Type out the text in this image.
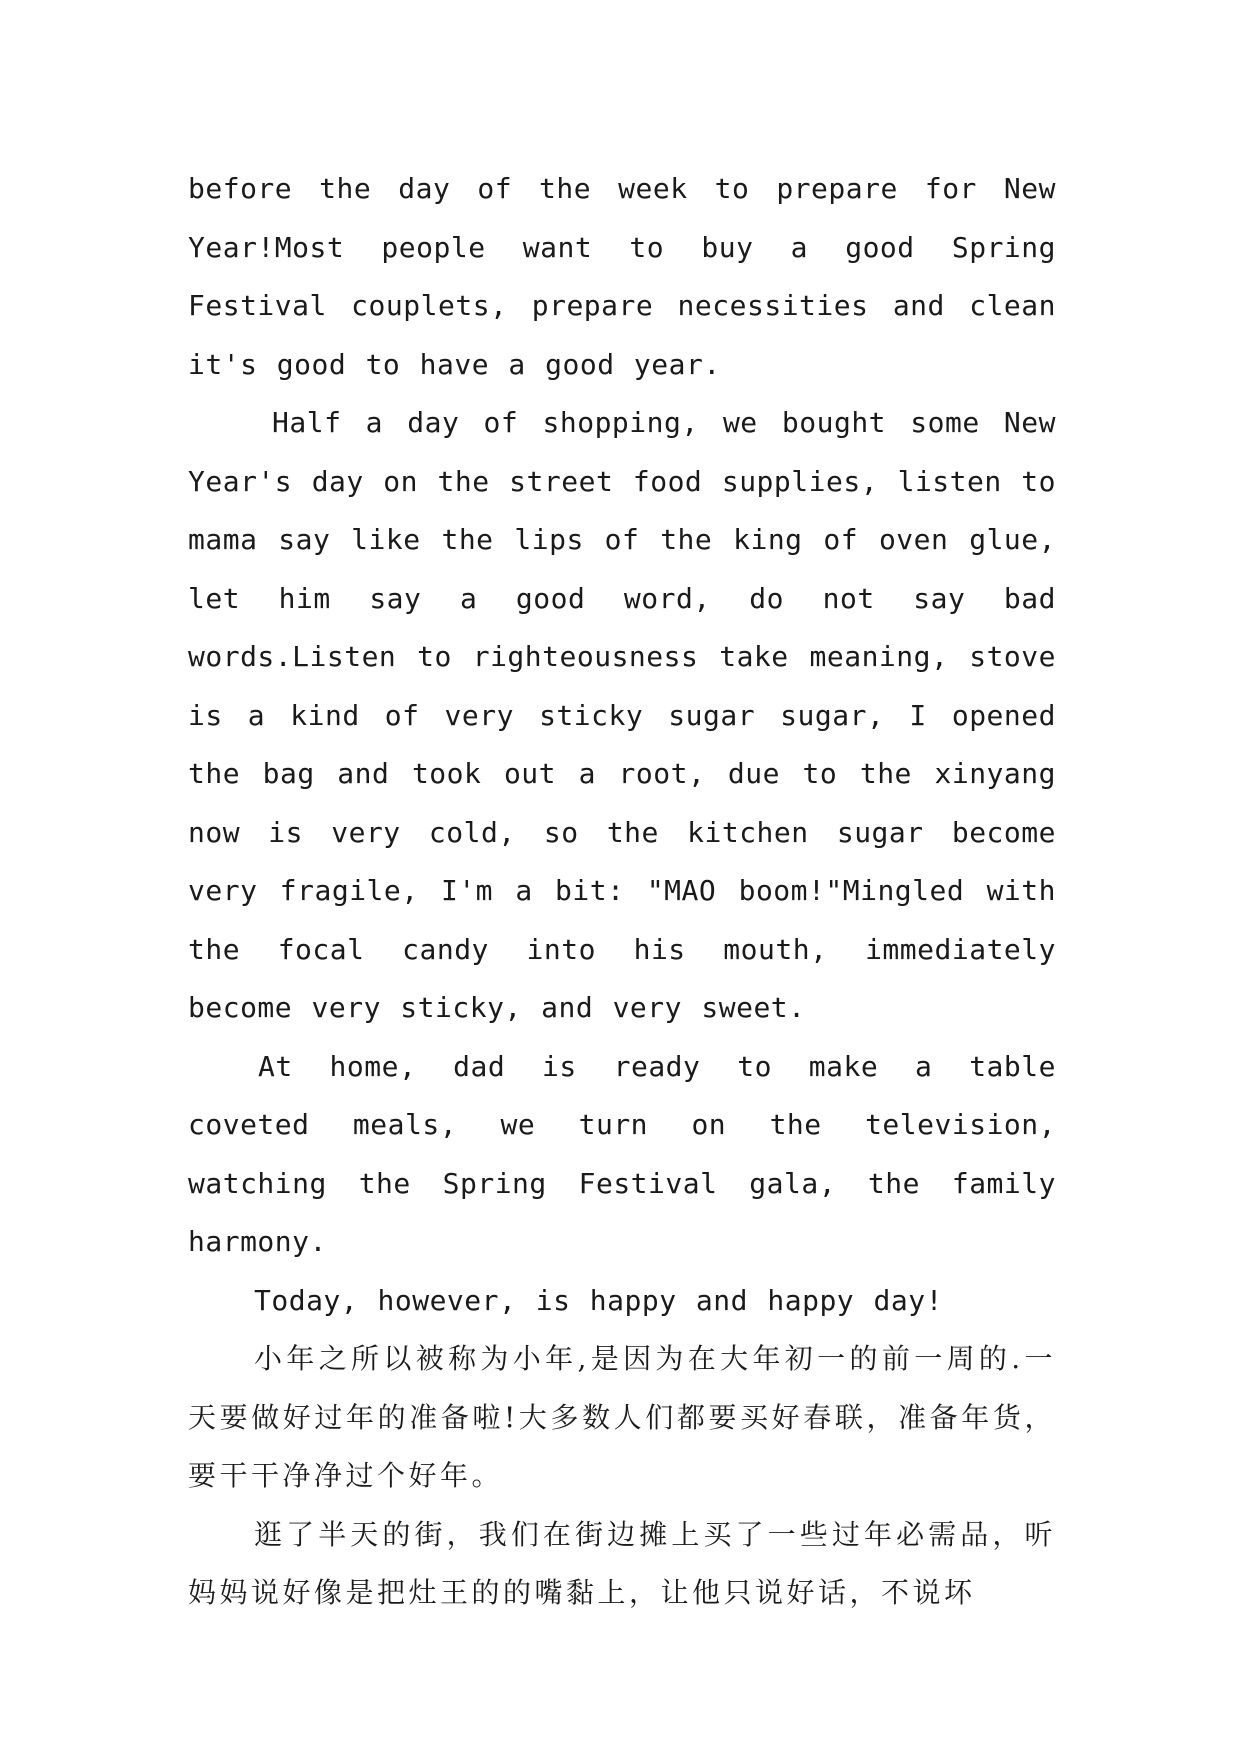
before the day of the week to prepare for New Year!Most people want to buy a good Spring Festival couplets, prepare necessities and clean it's good to have a good year.

Half a day of shopping, we bought some New Year's day on the street food supplies, listen to mama say like the lips of the king of oven glue, let him say a good word, do not say bad words.Listen to righteousness take meaning, stove is a kind of very sticky sugar sugar, I opened the bag and took out a root, due to the xinyang now is very cold, so the kitchen sugar become very fragile, I'm a bit: "MAO boom!"Mingled with the focal candy into his mouth, immediately become very sticky, and very sweet.

At home, dad is ready to make a table coveted meals, we turn on the television, watching the Spring Festival gala, the family harmony.

Today, however, is happy and happy day!

小年之所以被称为小年,是因为在大年初一的前一周的.一天要做好过年的准备啦!大多数人们都要买好春联，准备年货，要干干净净过个好年。

逛了半天的街，我们在街边摊上买了一些过年必需品，听妈妈说好像是把灶王的的嘴黏上，让他只说好话，不说坏
